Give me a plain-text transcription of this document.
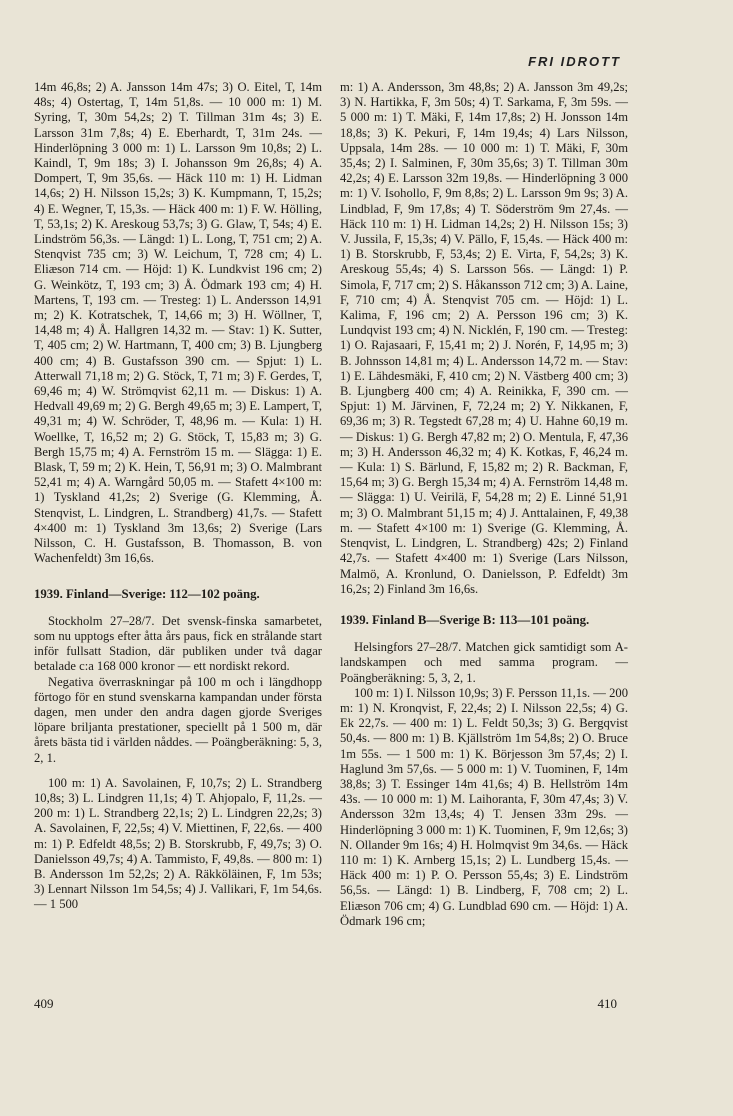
FRI IDROTT

14m 46,8s; 2) A. Jansson 14m 47s; 3) O. Eitel, T, 14m 48s; 4) Ostertag, T, 14m 51,8s. — 10 000 m: 1) M. Syring, T, 30m 54,2s; 2) T. Tillman 31m 4s; 3) E. Larsson 31m 7,8s; 4) E. Eberhardt, T, 31m 24s. — Hinderlöpning 3 000 m: 1) L. Larsson 9m 10,8s; 2) L. Kaindl, T, 9m 18s; 3) I. Johansson 9m 26,8s; 4) A. Dompert, T, 9m 35,6s. — Häck 110 m: 1) H. Lidman 14,6s; 2) H. Nilsson 15,2s; 3) K. Kumpmann, T, 15,2s; 4) E. Wegner, T, 15,3s. — Häck 400 m: 1) F. W. Hölling, T, 53,1s; 2) K. Areskoug 53,7s; 3) G. Glaw, T, 54s; 4) E. Lindström 56,3s. — Längd: 1) L. Long, T, 751 cm; 2) A. Stenqvist 735 cm; 3) W. Leichum, T, 728 cm; 4) L. Eliæson 714 cm. — Höjd: 1) K. Lundkvist 196 cm; 2) G. Weinkötz, T, 193 cm; 3) Å. Ödmark 193 cm; 4) H. Martens, T, 193 cm. — Tresteg: 1) L. Andersson 14,91 m; 2) K. Kotratschek, T, 14,66 m; 3) H. Wöllner, T, 14,48 m; 4) Å. Hallgren 14,32 m. — Stav: 1) K. Sutter, T, 405 cm; 2) W. Hartmann, T, 400 cm; 3) B. Ljungberg 400 cm; 4) B. Gustafsson 390 cm. — Spjut: 1) L. Atterwall 71,18 m; 2) G. Stöck, T, 71 m; 3) F. Gerdes, T, 69,46 m; 4) W. Strömqvist 62,11 m. — Diskus: 1) A. Hedvall 49,69 m; 2) G. Bergh 49,65 m; 3) E. Lampert, T, 49,31 m; 4) W. Schröder, T, 48,96 m. — Kula: 1) H. Woellke, T, 16,52 m; 2) G. Stöck, T, 15,83 m; 3) G. Bergh 15,75 m; 4) A. Fernström 15 m. — Slägga: 1) E. Blask, T, 59 m; 2) K. Hein, T, 56,91 m; 3) O. Malmbrant 52,41 m; 4) A. Warngård 50,05 m. — Stafett 4×100 m: 1) Tyskland 41,2s; 2) Sverige (G. Klemming, Å. Stenqvist, L. Lindgren, L. Strandberg) 41,7s. — Stafett 4×400 m: 1) Tyskland 3m 13,6s; 2) Sverige (Lars Nilsson, C. H. Gustafsson, B. Thomasson, B. von Wachenfeldt) 3m 16,6s.

1939. Finland—Sverige: 112—102 poäng.

Stockholm 27–28/7. Det svensk-finska samarbetet, som nu upptogs efter åtta års paus, fick en strålande start inför fullsatt Stadion, där publiken under två dagar betalade c:a 168 000 kronor — ett nordiskt rekord.

Negativa överraskningar på 100 m och i längdhopp förtogo för en stund svenskarna kampandan under första dagen, men under den andra dagen gjorde Sveriges löpare briljanta prestationer, speciellt på 1 500 m, där årets bästa tid i världen nåddes. — Poängberäkning: 5, 3, 2, 1.

100 m: 1) A. Savolainen, F, 10,7s; 2) L. Strandberg 10,8s; 3) L. Lindgren 11,1s; 4) T. Ahjopalo, F, 11,2s. — 200 m: 1) L. Strandberg 22,1s; 2) L. Lindgren 22,2s; 3) A. Savolainen, F, 22,5s; 4) V. Miettinen, F, 22,6s. — 400 m: 1) P. Edfeldt 48,5s; 2) B. Storskrubb, F, 49,7s; 3) O. Danielsson 49,7s; 4) A. Tammisto, F, 49,8s. — 800 m: 1) B. Andersson 1m 52,2s; 2) A. Räkköläinen, F, 1m 53s; 3) Lennart Nilsson 1m 54,5s; 4) J. Vallikari, F, 1m 54,6s. — 1 500

m: 1) A. Andersson, 3m 48,8s; 2) A. Jansson 3m 49,2s; 3) N. Hartikka, F, 3m 50s; 4) T. Sarkama, F, 3m 59s. — 5 000 m: 1) T. Mäki, F, 14m 17,8s; 2) H. Jonsson 14m 18,8s; 3) K. Pekuri, F, 14m 19,4s; 4) Lars Nilsson, Uppsala, 14m 28s. — 10 000 m: 1) T. Mäki, F, 30m 35,4s; 2) I. Salminen, F, 30m 35,6s; 3) T. Tillman 30m 42,2s; 4) E. Larsson 32m 19,8s. — Hinderlöpning 3 000 m: 1) V. Isohollo, F, 9m 8,8s; 2) L. Larsson 9m 9s; 3) A. Lindblad, F, 9m 17,8s; 4) T. Söderström 9m 27,4s. — Häck 110 m: 1) H. Lidman 14,2s; 2) H. Nilsson 15s; 3) V. Jussila, F, 15,3s; 4) V. Pällo, F, 15,4s. — Häck 400 m: 1) B. Storskrubb, F, 53,4s; 2) E. Virta, F, 54,2s; 3) K. Areskoug 55,4s; 4) S. Larsson 56s. — Längd: 1) P. Simola, F, 717 cm; 2) S. Håkansson 712 cm; 3) A. Laine, F, 710 cm; 4) Å. Stenqvist 705 cm. — Höjd: 1) L. Kalima, F, 196 cm; 2) A. Persson 196 cm; 3) K. Lundqvist 193 cm; 4) N. Nicklén, F, 190 cm. — Tresteg: 1) O. Rajasaari, F, 15,41 m; 2) J. Norén, F, 14,95 m; 3) B. Johnsson 14,81 m; 4) L. Andersson 14,72 m. — Stav: 1) E. Lähdesmäki, F, 410 cm; 2) N. Västberg 400 cm; 3) B. Ljungberg 400 cm; 4) A. Reinikka, F, 390 cm. — Spjut: 1) M. Järvinen, F, 72,24 m; 2) Y. Nikkanen, F, 69,36 m; 3) R. Tegstedt 67,28 m; 4) U. Hahne 60,19 m. — Diskus: 1) G. Bergh 47,82 m; 2) O. Mentula, F, 47,36 m; 3) H. Andersson 46,32 m; 4) K. Kotkas, F, 46,24 m. — Kula: 1) S. Bärlund, F, 15,82 m; 2) R. Backman, F, 15,64 m; 3) G. Bergh 15,34 m; 4) A. Fernström 14,48 m. — Slägga: 1) U. Veirilä, F, 54,28 m; 2) E. Linné 51,91 m; 3) O. Malmbrant 51,15 m; 4) J. Anttalainen, F, 49,38 m. — Stafett 4×100 m: 1) Sverige (G. Klemming, Å. Stenqvist, L. Lindgren, L. Strandberg) 42s; 2) Finland 42,7s. — Stafett 4×400 m: 1) Sverige (Lars Nilsson, Malmö, A. Kronlund, O. Danielsson, P. Edfeldt) 3m 16,2s; 2) Finland 3m 16,6s.

1939. Finland B—Sverige B: 113—101 poäng.

Helsingfors 27–28/7. Matchen gick samtidigt som A-landskampen och med samma program. — Poängberäkning: 5, 3, 2, 1.

100 m: 1) I. Nilsson 10,9s; 3) F. Persson 11,1s. — 200 m: 1) N. Kronqvist, F, 22,4s; 2) I. Nilsson 22,5s; 4) G. Ek 22,7s. — 400 m: 1) L. Feldt 50,3s; 3) G. Bergqvist 50,4s. — 800 m: 1) B. Kjällström 1m 54,8s; 2) O. Bruce 1m 55s. — 1 500 m: 1) K. Börjesson 3m 57,4s; 2) I. Haglund 3m 57,6s. — 5 000 m: 1) V. Tuominen, F, 14m 38,8s; 3) T. Essinger 14m 41,6s; 4) B. Hellström 14m 43s. — 10 000 m: 1) M. Laihoranta, F, 30m 47,4s; 3) V. Andersson 32m 13,4s; 4) T. Jensen 33m 29s. — Hinderlöpning 3 000 m: 1) K. Tuominen, F, 9m 12,6s; 3) N. Ollander 9m 16s; 4) H. Holmqvist 9m 34,6s. — Häck 110 m: 1) K. Arnberg 15,1s; 2) L. Lundberg 15,4s. — Häck 400 m: 1) P. O. Persson 55,4s; 3) E. Lindström 56,5s. — Längd: 1) B. Lindberg, F, 708 cm; 2) L. Eliæson 706 cm; 4) G. Lundblad 690 cm. — Höjd: 1) A. Ödmark 196 cm;

409	410
